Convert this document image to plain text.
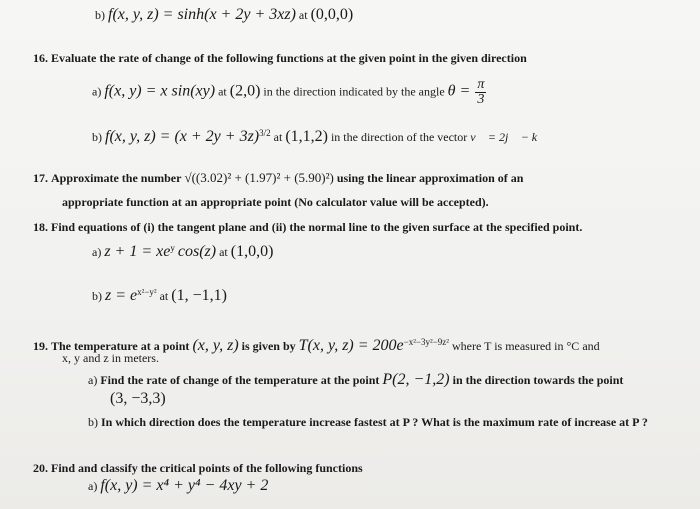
b) f(x, y, z) = sinh(x + 2y + 3xz) at (0,0,0)
16. Evaluate the rate of change of the following functions at the given point in the given direction
a) f(x, y) = x sin(xy) at (2,0) in the direction indicated by the angle $\theta = \frac{\pi}{3}$
b) f(x, y, $z) = (x + 2y + 3z)^{3/2}$ at (1,1,2) in the direction of the vector v⃗ = 2j⃗ − k⃗
17. Approximate the number √((3.02)² + (1.97)² + (5.90)²) using the linear approximation of an
appropriate function at an appropriate point (No calculator value will be accepted).
18. Find equations of (i) the tangent plane and (ii) the normal line to the given surface at the specified point.
a) $z + 1 = xe^y$ cos(z) at (1,0,0)
b) $z = e^{x^2-y^2}$ at (1, −1,1)
19. The temperature at a point (x, y, z) is given by T(x, y, $z) = 200e^{-x^2-3y^2-9z^2}$ where T is measured in °C and
x, y and z in meters.
a) Find the rate of change of the temperature at the point P(2, −1,2) in the direction towards the point
(3, −3,3)
b) In which direction does the temperature increase fastest at P ? What is the maximum rate of increase at P ?
20. Find and classify the critical points of the following functions
a) f(x, y) = x⁴ + y⁴ − 4xy + 2
